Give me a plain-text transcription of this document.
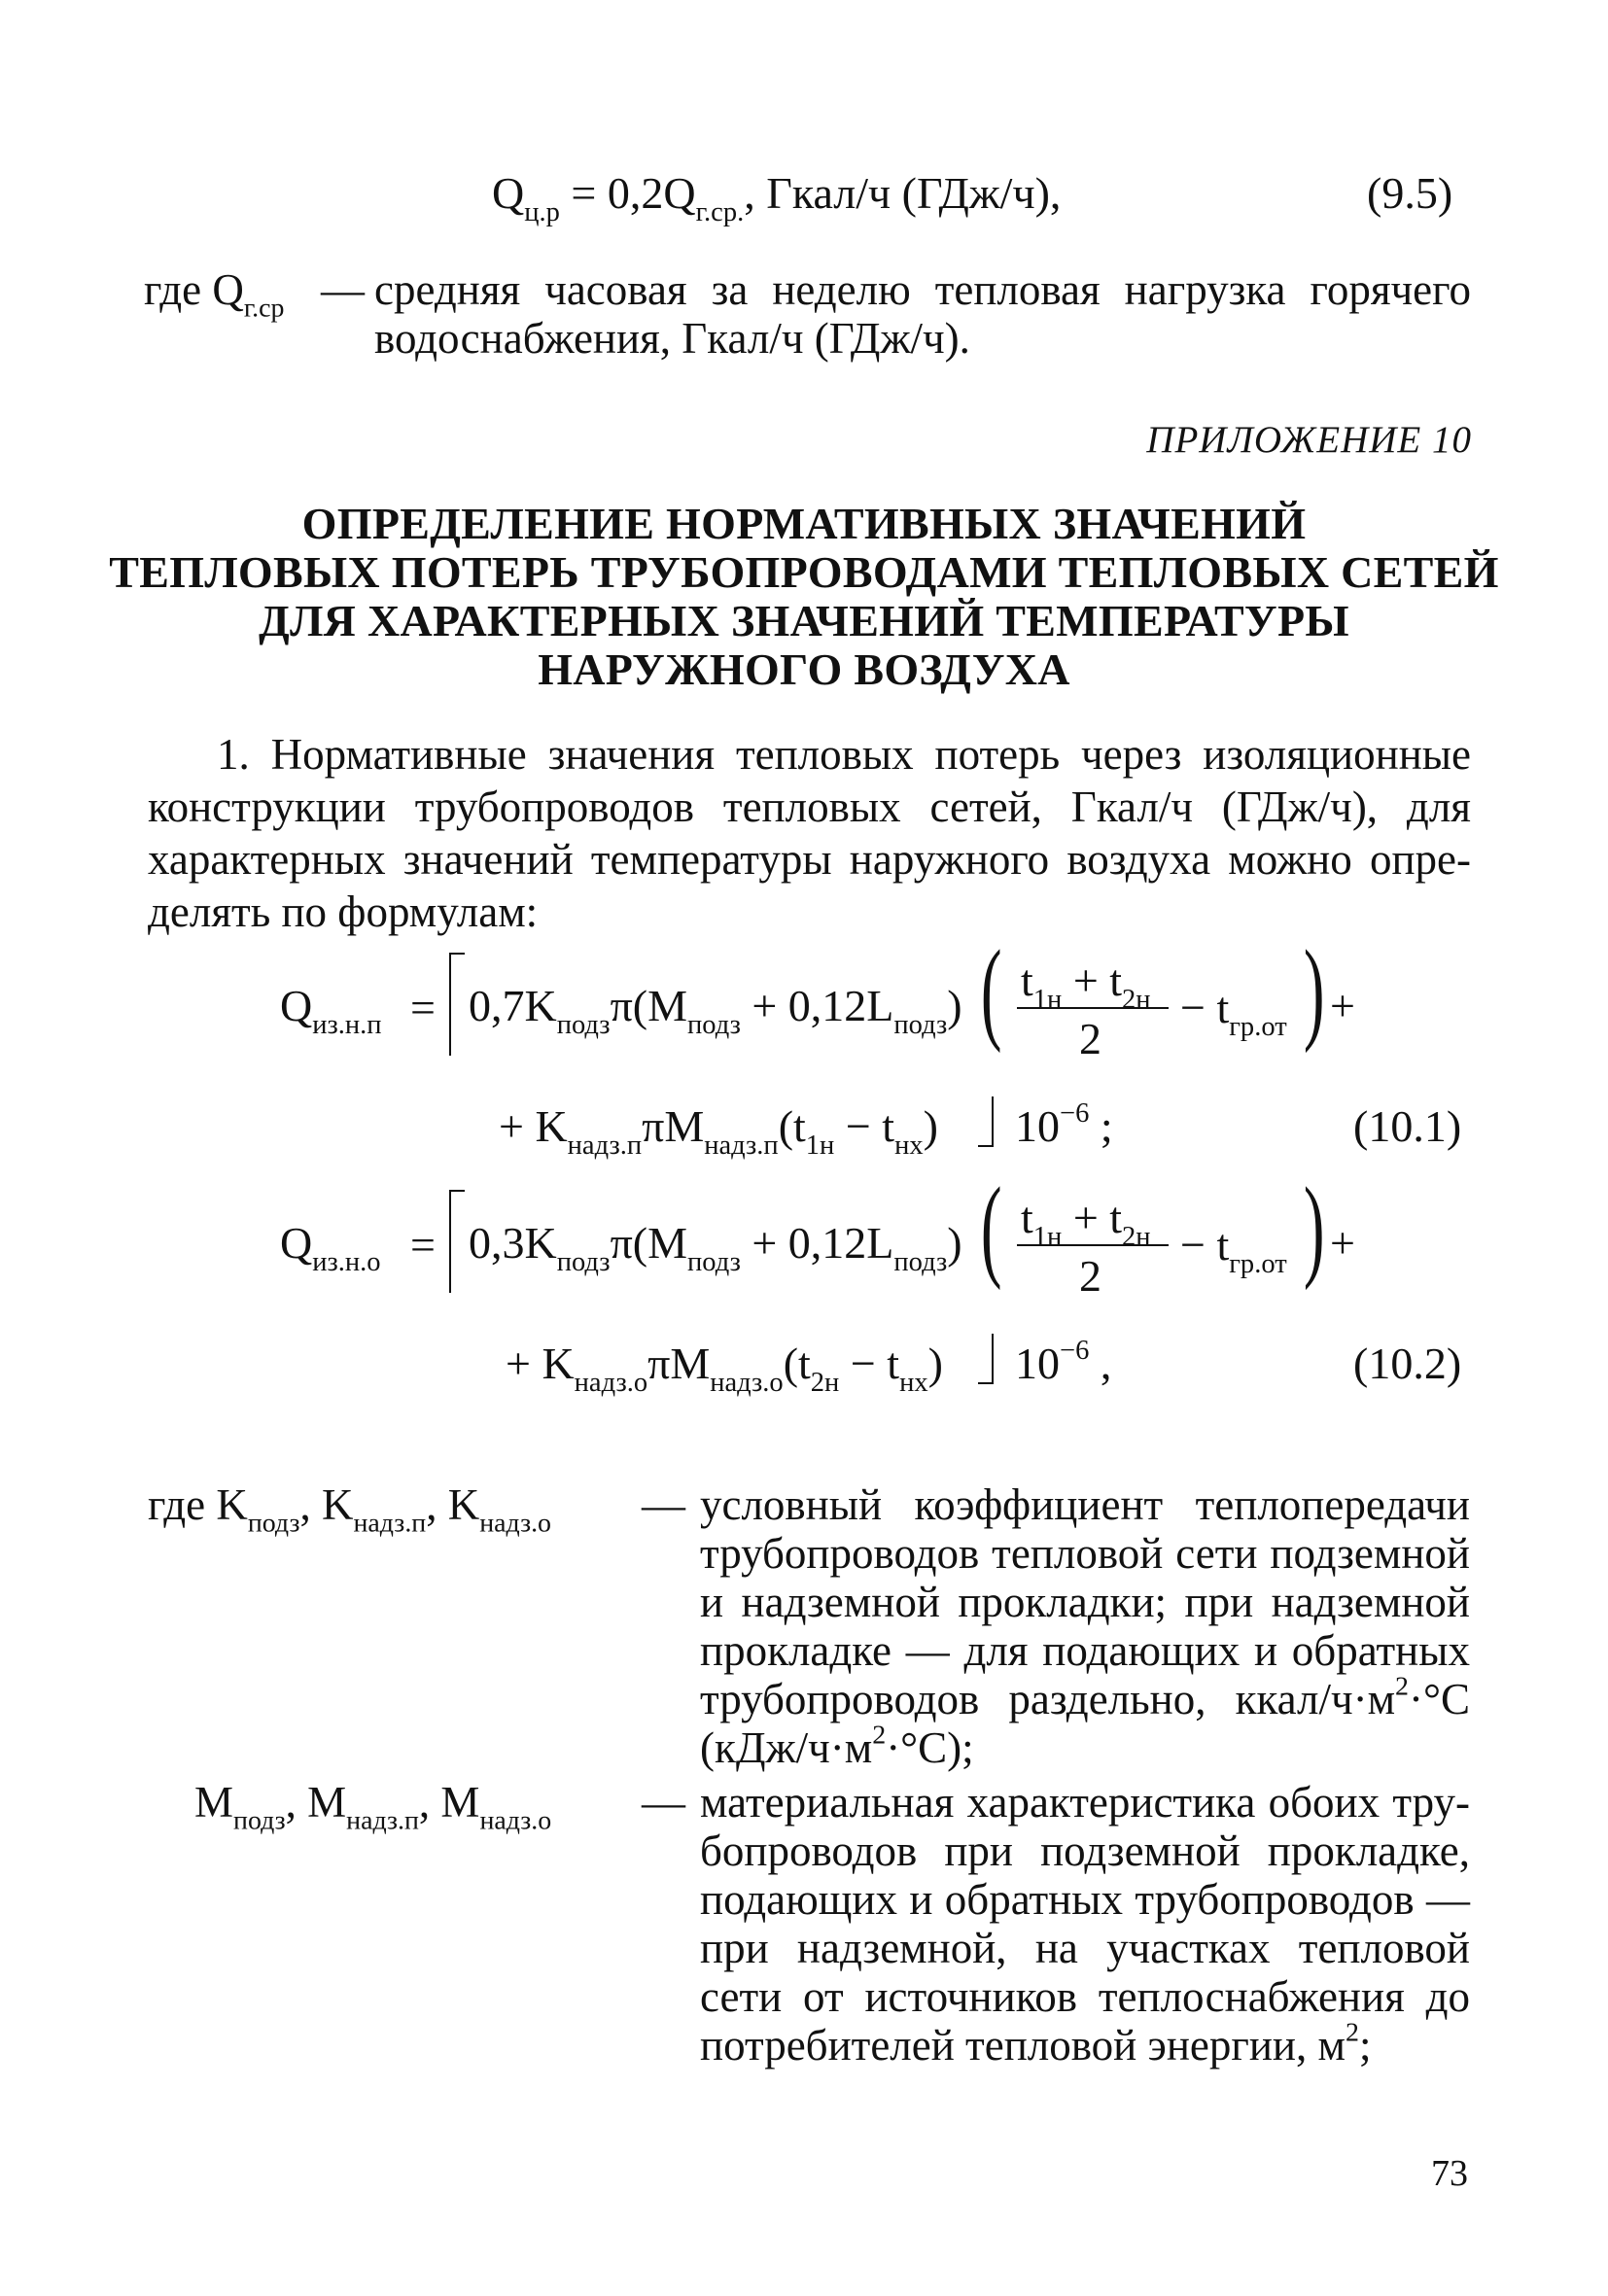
$Q_{ц.р} = 0,2Q_{г.ср.}$, Гкал/ч (ГДж/ч),	(9.5)
где $Q_{г.ср}$ — средняя часовая за неделю тепловая нагрузка горячего
водоснабжения, Гкал/ч (ГДж/ч).
ПРИЛОЖЕНИЕ 10
ОПРЕДЕЛЕНИЕ НОРМАТИВНЫХ ЗНАЧЕНИЙ
ТЕПЛОВЫХ ПОТЕРЬ ТРУБОПРОВОДАМИ ТЕПЛОВЫХ СЕТЕЙ
ДЛЯ ХАРАКТЕРНЫХ ЗНАЧЕНИЙ ТЕМПЕРАТУРЫ
НАРУЖНОГО ВОЗДУХА
1. Нормативные значения тепловых потерь через изоляционные
конструкции трубопроводов тепловых сетей, Гкал/ч (ГДж/ч), для
характерных значений температуры наружного воздуха можно опре-
делять по формулам:
$Q_{из.н.п} = 0,7K_{подз}\pi(M_{подз} + 0,12L_{подз})$ ( $t_{1н} + t_{2н}$
2
− $t_{гр.от}$ ) +
+ $K_{надз.п}\pi M_{надз.п}(t_{1н} - t_{нх})$ $10^{-6}$ ;	(10.1)
$Q_{из.н.о} = 0,3K_{подз}\pi(M_{подз} + 0,12L_{подз})$ ( $t_{1н} + t_{2н}$
2
− $t_{гр.от}$ ) +
+ $K_{надз.о}\pi M_{надз.о}(t_{2н} - t_{нх})$ $10^{-6}$ ,	(10.2)
где $K_{подз}$, $K_{надз.п}$, $K_{надз.о}$ — условный коэффициент теплопередачи
трубопроводов тепловой сети подземной
и надземной прокладки; при надземной
прокладке — для подающих и обратных
трубопроводов раздельно, ккал/$ч\cdot м^2\cdot^\circ C$
$(кДж/ч\cdot м^2\cdot^\circ C)$;
$M_{подз}$, $M_{надз.п}$, $M_{надз.о}$ — материальная характеристика обоих тру-
бопроводов при подземной прокладке,
подающих и обратных трубопроводов —
при надземной, на участках тепловой
сети от источников теплоснабжения до
потребителей тепловой энергии, $м^2$;
73
